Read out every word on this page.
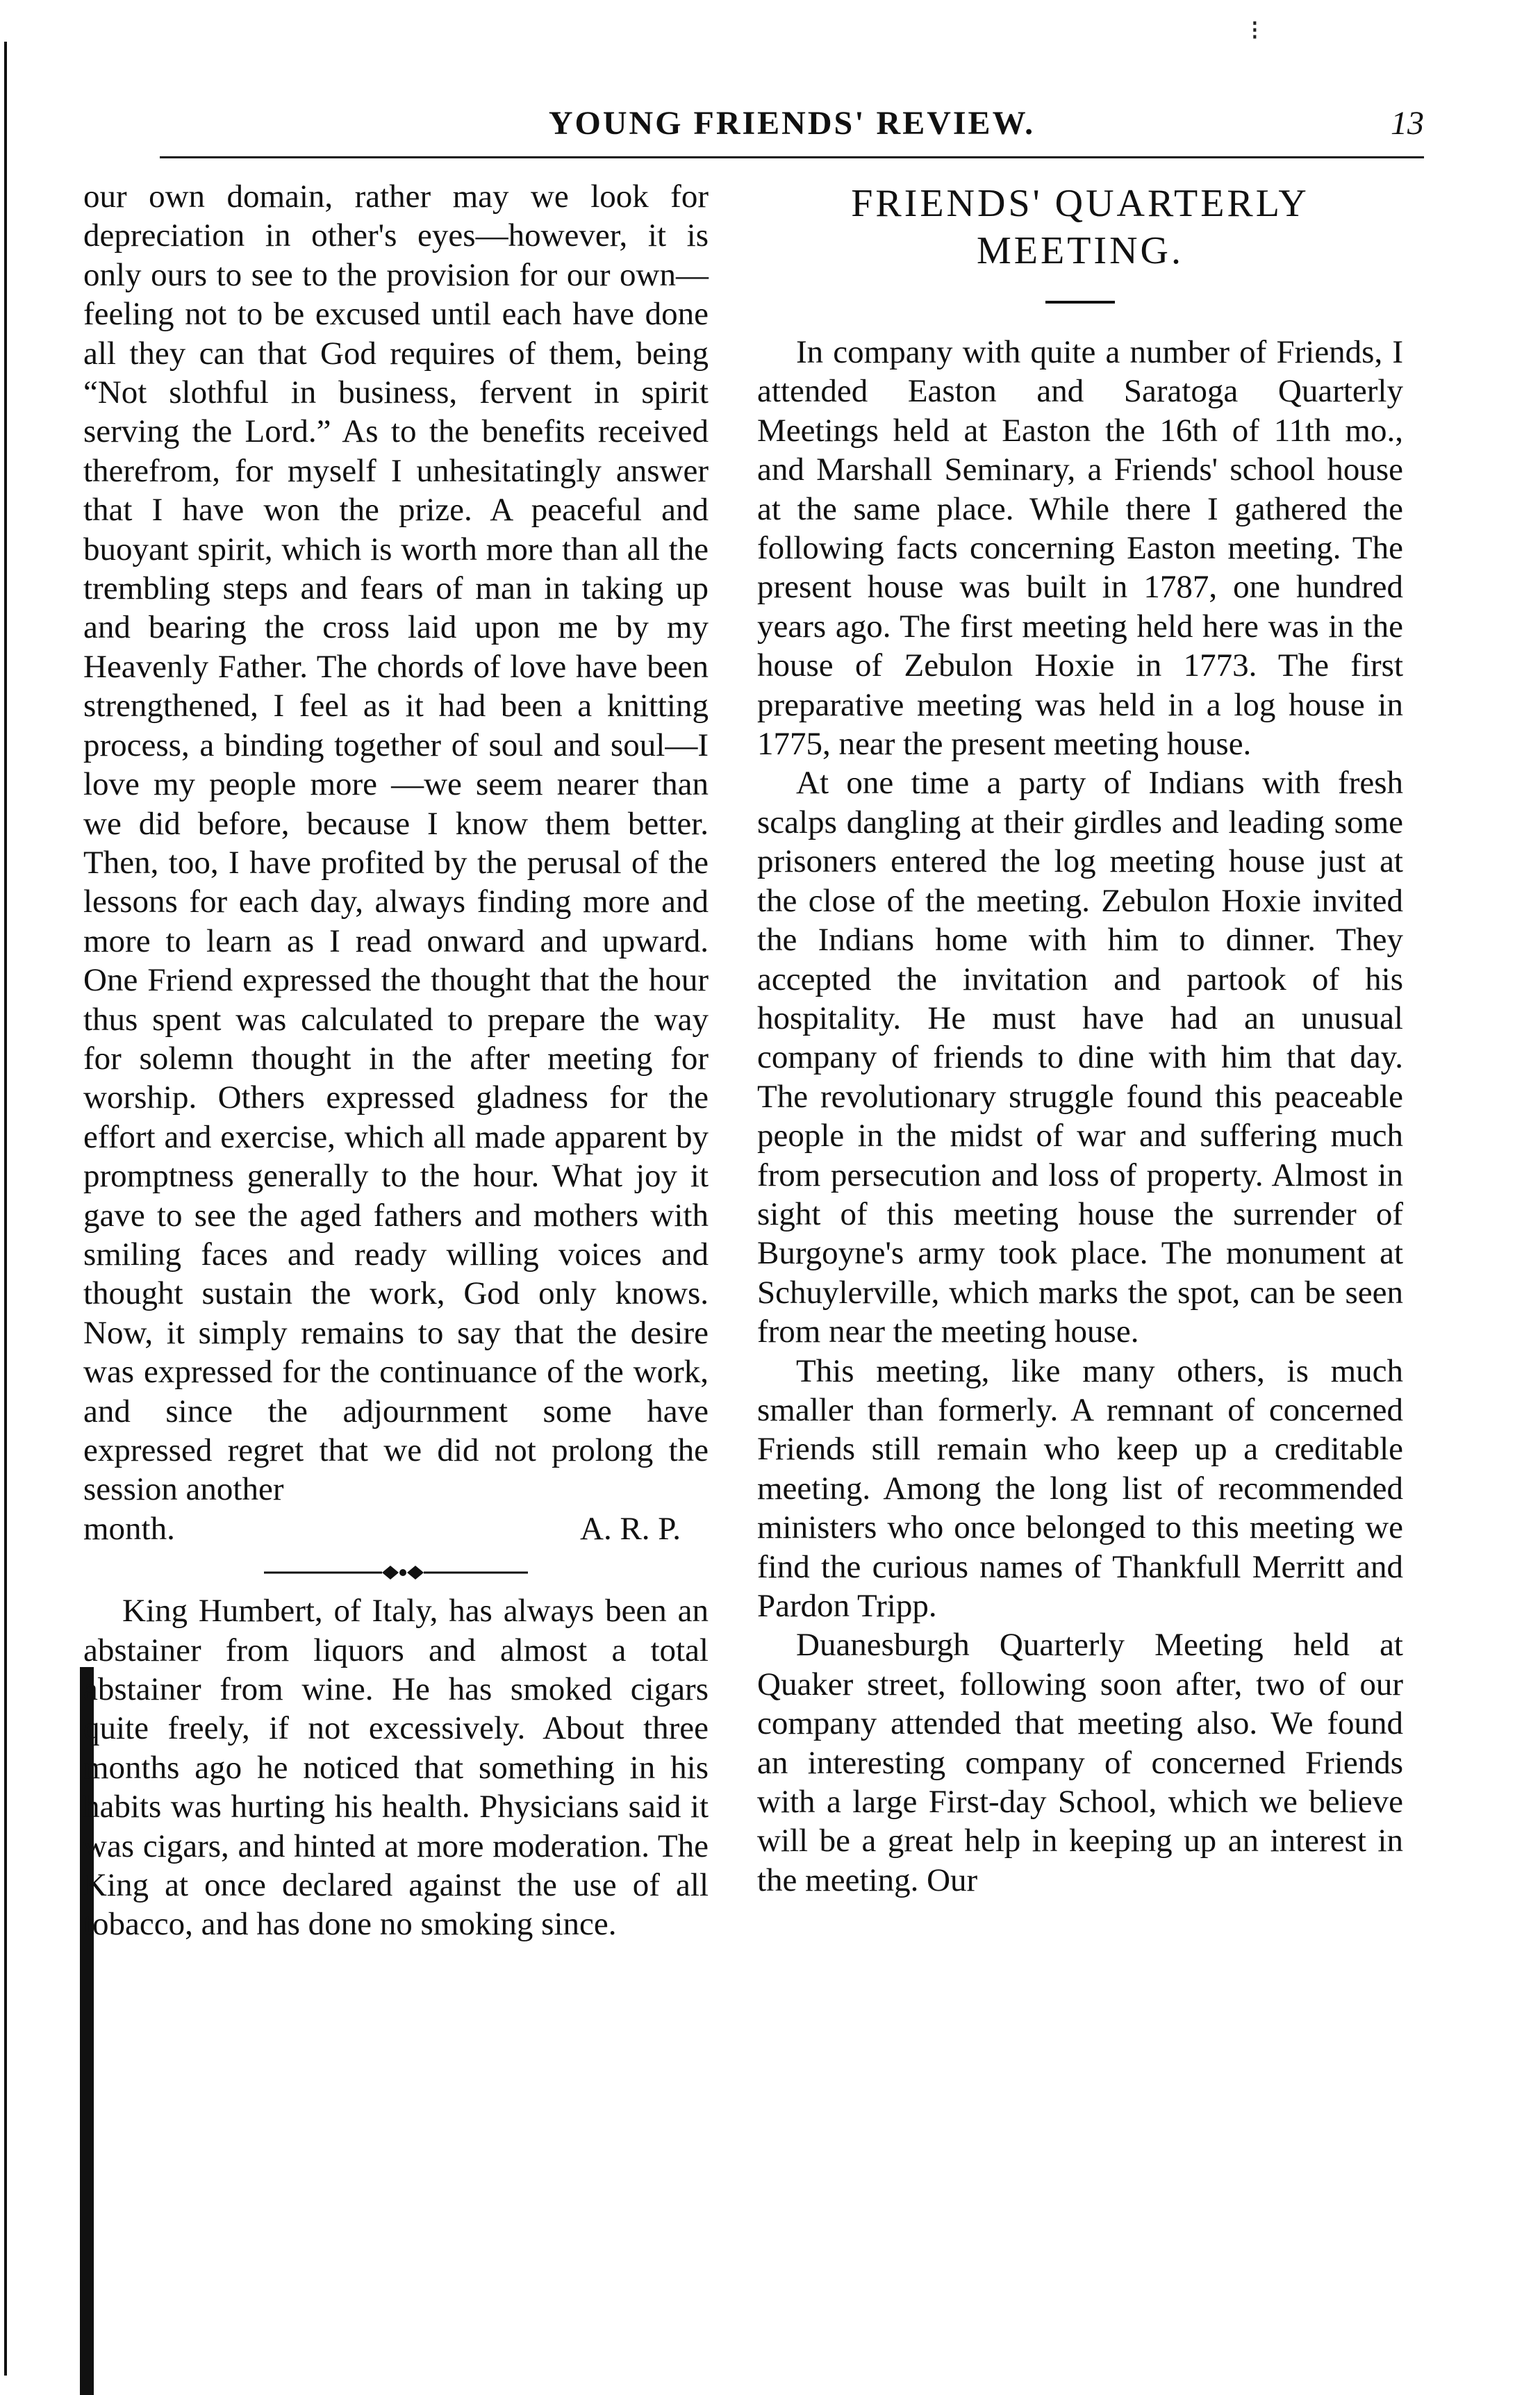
⁝
YOUNG FRIENDS' REVIEW.	13

our own domain, rather may we look for depreciation in other's eyes—however, it is only ours to see to the provision for our own—feeling not to be excused until each have done all they can that God requires of them, being “Not slothful in business, fervent in spirit serving the Lord.” As to the benefits received therefrom, for myself I unhesitatingly answer that I have won the prize. A peaceful and buoyant spirit, which is worth more than all the trembling steps and fears of man in taking up and bearing the cross laid upon me by my Heavenly Father. The chords of love have been strengthened, I feel as it had been a knitting process, a binding together of soul and soul—I love my people more —we seem nearer than we did before, because I know them better. Then, too, I have profited by the perusal of the lessons for each day, always finding more and more to learn as I read onward and upward. One Friend expressed the thought that the hour thus spent was calculated to prepare the way for solemn thought in the after meeting for worship. Others expressed gladness for the effort and exercise, which all made apparent by promptness generally to the hour. What joy it gave to see the aged fathers and mothers with smiling faces and ready willing voices and thought sustain the work, God only knows. Now, it simply remains to say that the desire was expressed for the continuance of the work, and since the adjournment some have expressed regret that we did not prolong the session another

month.	A. R. P.

King Humbert, of Italy, has always been an abstainer from liquors and almost a total abstainer from wine. He has smoked cigars quite freely, if not excessively. About three months ago he noticed that something in his habits was hurting his health. Physicians said it was cigars, and hinted at more moderation. The King at once declared against the use of all tobacco, and has done no smoking since.

FRIENDS' QUARTERLY MEETING.

In company with quite a number of Friends, I attended Easton and Saratoga Quarterly Meetings held at Easton the 16th of 11th mo., and Marshall Seminary, a Friends' school house at the same place. While there I gathered the following facts concerning Easton meeting. The present house was built in 1787, one hundred years ago. The first meeting held here was in the house of Zebulon Hoxie in 1773. The first preparative meeting was held in a log house in 1775, near the present meeting house.

At one time a party of Indians with fresh scalps dangling at their girdles and leading some prisoners entered the log meeting house just at the close of the meeting. Zebulon Hoxie invited the Indians home with him to dinner. They accepted the invitation and partook of his hospitality. He must have had an unusual company of friends to dine with him that day. The revolutionary struggle found this peaceable people in the midst of war and suffering much from persecution and loss of property. Almost in sight of this meeting house the surrender of Burgoyne's army took place. The monument at Schuylerville, which marks the spot, can be seen from near the meeting house.

This meeting, like many others, is much smaller than formerly. A remnant of concerned Friends still remain who keep up a creditable meeting. Among the long list of recommended ministers who once belonged to this meeting we find the curious names of Thankfull Merritt and Pardon Tripp.

Duanesburgh Quarterly Meeting held at Quaker street, following soon after, two of our company attended that meeting also. We found an interesting company of concerned Friends with a large First-day School, which we believe will be a great help in keeping up an interest in the meeting. Our
